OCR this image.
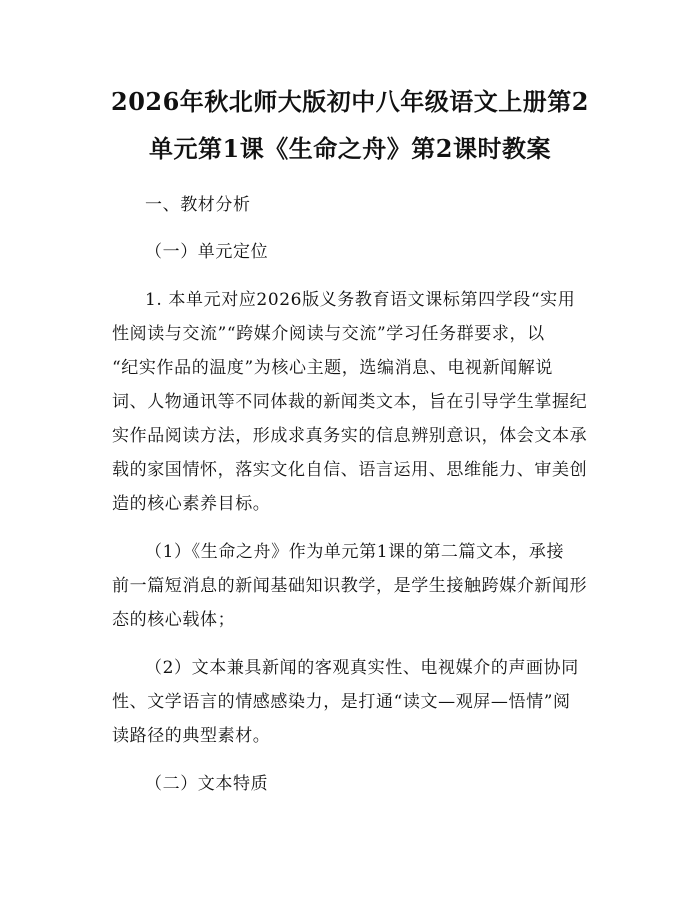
2026年秋北师大版初中八年级语文上册第2
单元第1课《生命之舟》第2课时教案
一、教材分析
（一）单元定位
1. 本单元对应2026版义务教育语文课标第四学段“实用
性阅读与交流”“跨媒介阅读与交流”学习任务群要求，以
“纪实作品的温度”为核心主题，选编消息、电视新闻解说
词、人物通讯等不同体裁的新闻类文本，旨在引导学生掌握纪
实作品阅读方法，形成求真务实的信息辨别意识，体会文本承
载的家国情怀，落实文化自信、语言运用、思维能力、审美创
造的核心素养目标。
（1）《生命之舟》作为单元第1课的第二篇文本，承接
前一篇短消息的新闻基础知识教学，是学生接触跨媒介新闻形
态的核心载体；
（2）文本兼具新闻的客观真实性、电视媒介的声画协同
性、文学语言的情感感染力，是打通“读文—观屏—悟情”阅
读路径的典型素材。
（二）文本特质
